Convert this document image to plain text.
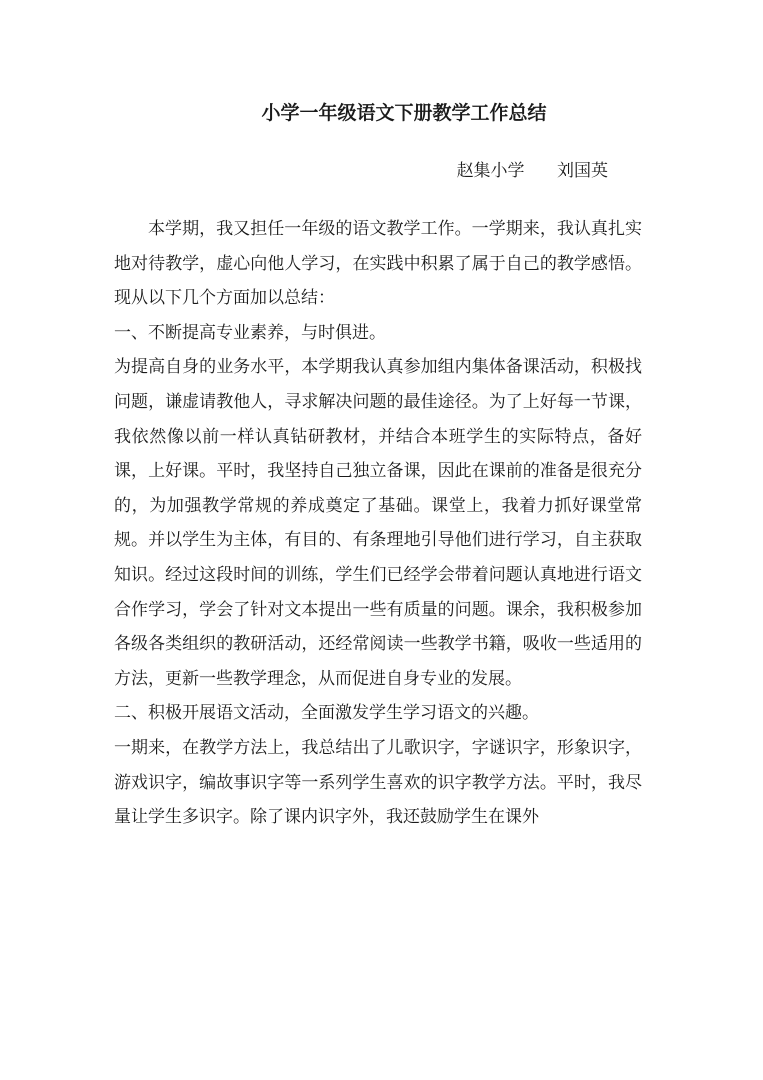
小学一年级语文下册教学工作总结
赵集小学      刘国英

本学期，我又担任一年级的语文教学工作。一学期来，我认真扎实地对待教学，虚心向他人学习，在实践中积累了属于自己的教学感悟。现从以下几个方面加以总结：

一、不断提高专业素养，与时俱进。

为提高自身的业务水平，本学期我认真参加组内集体备课活动，积极找问题，谦虚请教他人，寻求解决问题的最佳途径。为了上好每一节课，我依然像以前一样认真钻研教材，并结合本班学生的实际特点，备好课，上好课。平时，我坚持自己独立备课，因此在课前的准备是很充分的，为加强教学常规的养成奠定了基础。课堂上，我着力抓好课堂常规。并以学生为主体，有目的、有条理地引导他们进行学习，自主获取知识。经过这段时间的训练，学生们已经学会带着问题认真地进行语文合作学习，学会了针对文本提出一些有质量的问题。课余，我积极参加各级各类组织的教研活动，还经常阅读一些教学书籍，吸收一些适用的方法，更新一些教学理念，从而促进自身专业的发展。

二、积极开展语文活动，全面激发学生学习语文的兴趣。

一期来，在教学方法上，我总结出了儿歌识字，字谜识字，形象识字，游戏识字，编故事识字等一系列学生喜欢的识字教学方法。平时，我尽量让学生多识字。除了课内识字外，我还鼓励学生在课外
